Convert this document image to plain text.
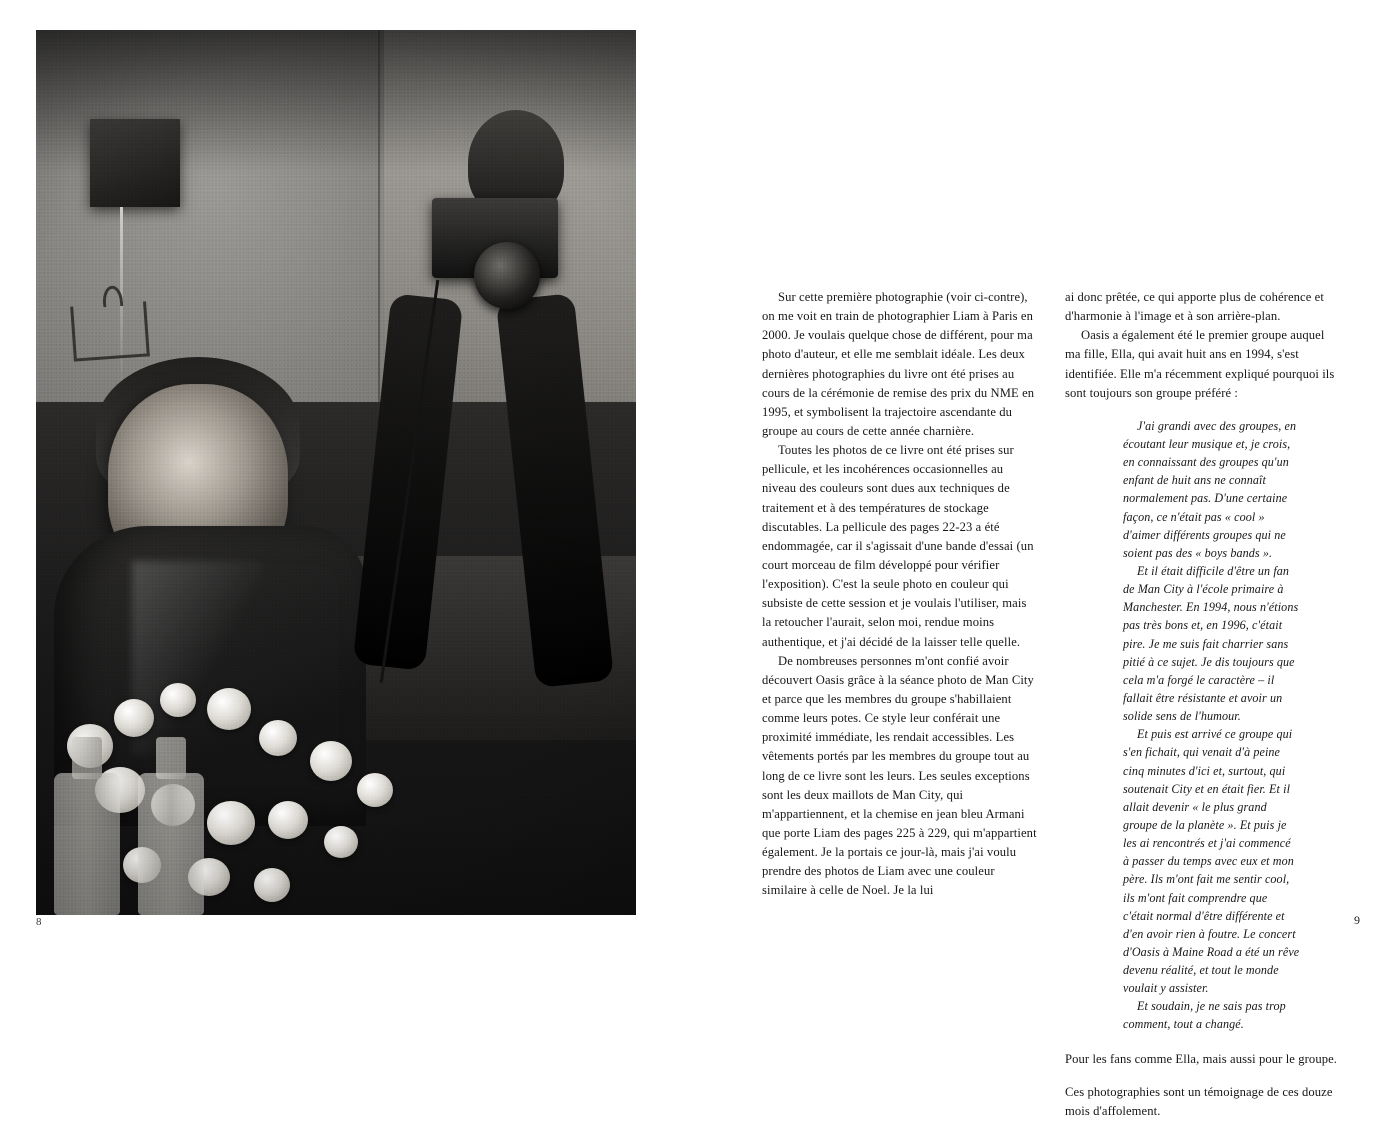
8

Sur cette première photographie (voir ci-contre), on me voit en train de photographier Liam à Paris en 2000. Je voulais quelque chose de différent, pour ma photo d'auteur, et elle me semblait idéale. Les deux dernières photographies du livre ont été prises au cours de la cérémonie de remise des prix du NME en 1995, et symbolisent la trajectoire ascendante du groupe au cours de cette année charnière.

Toutes les photos de ce livre ont été prises sur pellicule, et les incohérences occasionnelles au niveau des couleurs sont dues aux techniques de traitement et à des températures de stockage discutables. La pellicule des pages 22-23 a été endommagée, car il s'agissait d'une bande d'essai (un court morceau de film développé pour vérifier l'exposition). C'est la seule photo en couleur qui subsiste de cette session et je voulais l'utiliser, mais la retoucher l'aurait, selon moi, rendue moins authentique, et j'ai décidé de la laisser telle quelle.

De nombreuses personnes m'ont confié avoir découvert Oasis grâce à la séance photo de Man City et parce que les membres du groupe s'habillaient comme leurs potes. Ce style leur conférait une proximité immédiate, les rendait accessibles. Les vêtements portés par les membres du groupe tout au long de ce livre sont les leurs. Les seules exceptions sont les deux maillots de Man City, qui m'appartiennent, et la chemise en jean bleu Armani que porte Liam des pages 225 à 229, qui m'appartient également. Je la portais ce jour-là, mais j'ai voulu prendre des photos de Liam avec une couleur similaire à celle de Noel. Je la lui

ai donc prêtée, ce qui apporte plus de cohérence et d'harmonie à l'image et à son arrière-plan.

Oasis a également été le premier groupe auquel ma fille, Ella, qui avait huit ans en 1994, s'est identifiée. Elle m'a récemment expliqué pourquoi ils sont toujours son groupe préféré :

J'ai grandi avec des groupes, en écoutant leur musique et, je crois, en connaissant des groupes qu'un enfant de huit ans ne connaît normalement pas. D'une certaine façon, ce n'était pas « cool » d'aimer différents groupes qui ne soient pas des « boys bands ».

Et il était difficile d'être un fan de Man City à l'école primaire à Manchester. En 1994, nous n'étions pas très bons et, en 1996, c'était pire. Je me suis fait charrier sans pitié à ce sujet. Je dis toujours que cela m'a forgé le caractère – il fallait être résistante et avoir un solide sens de l'humour.

Et puis est arrivé ce groupe qui s'en fichait, qui venait d'à peine cinq minutes d'ici et, surtout, qui soutenait City et en était fier. Et il allait devenir « le plus grand groupe de la planète ». Et puis je les ai rencontrés et j'ai commencé à passer du temps avec eux et mon père. Ils m'ont fait me sentir cool, ils m'ont fait comprendre que c'était normal d'être différente et d'en avoir rien à foutre. Le concert d'Oasis à Maine Road a été un rêve devenu réalité, et tout le monde voulait y assister.

Et soudain, je ne sais pas trop comment, tout a changé.

Pour les fans comme Ella, mais aussi pour le groupe.

Ces photographies sont un témoignage de ces douze mois d'affolement.

9
